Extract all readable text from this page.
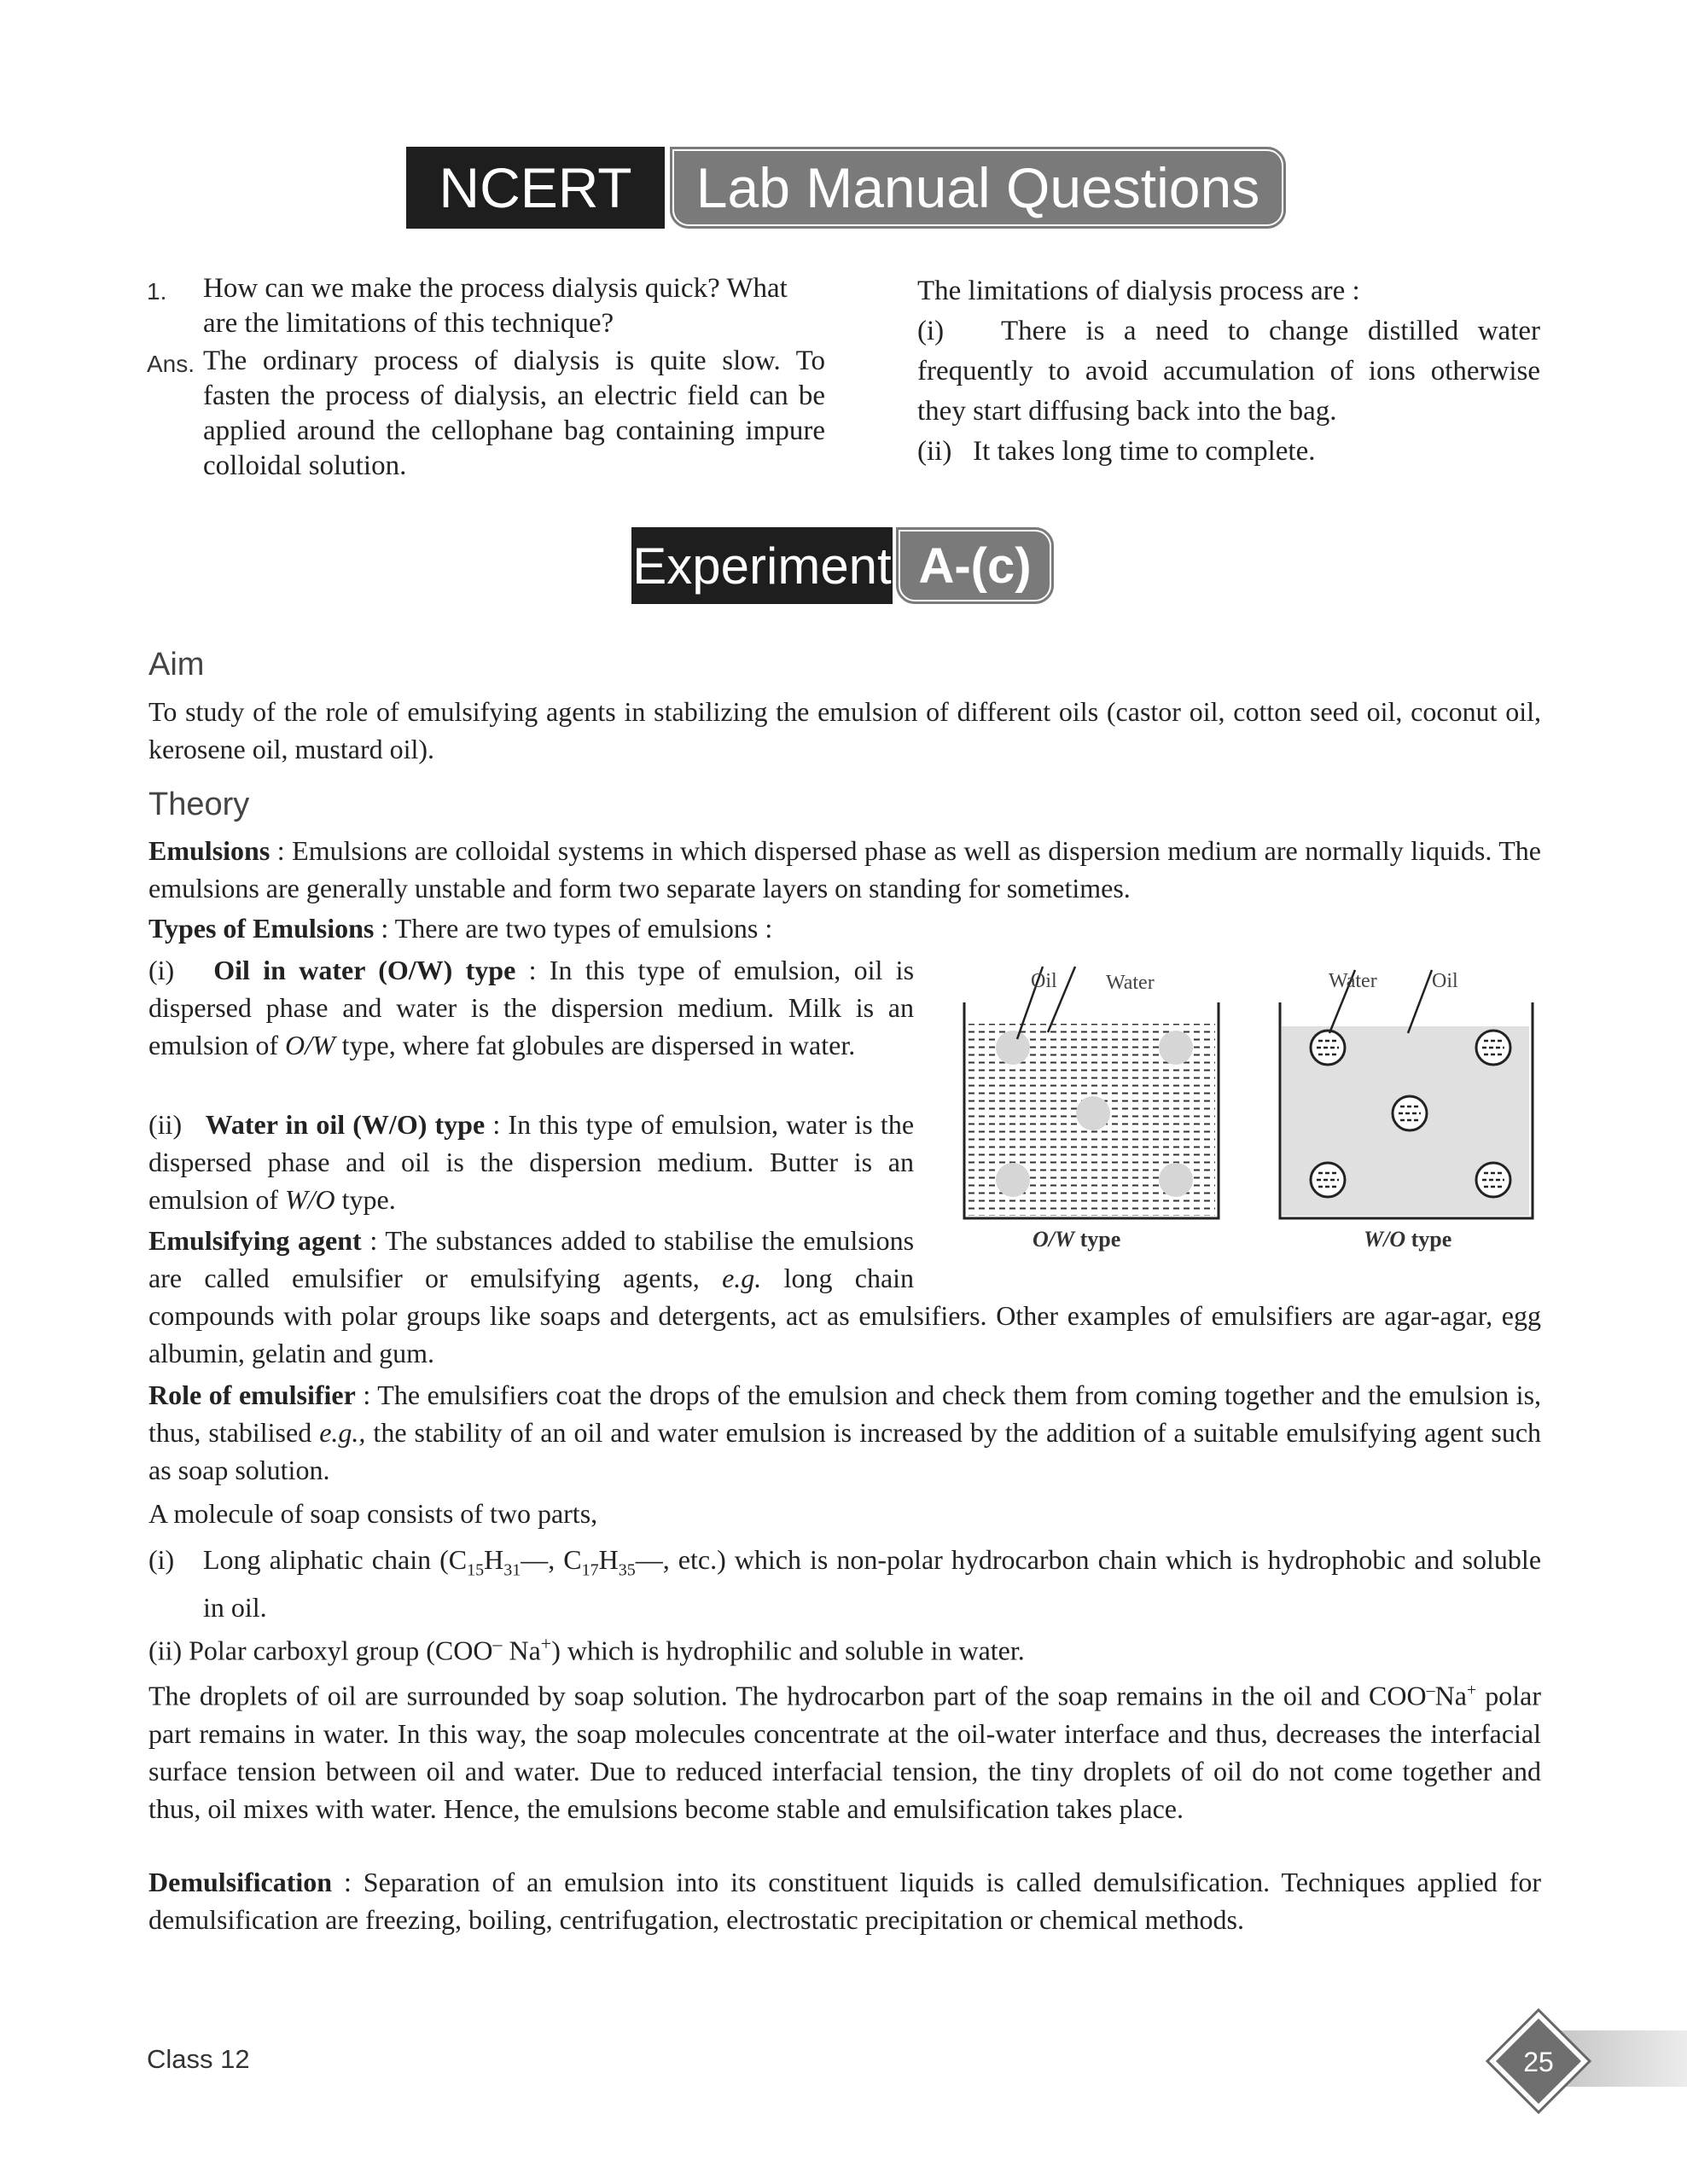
NCERT	Lab Manual Questions
1.	How can we make the process dialysis quick? What are the limitations of this technique?
Ans. The ordinary process of dialysis is quite slow. To fasten the process of dialysis, an electric field can be applied around the cellophane bag containing impure colloidal solution.
The limitations of dialysis process are :
(i) There is a need to change distilled water frequently to avoid accumulation of ions otherwise they start diffusing back into the bag.
(ii) It takes long time to complete.
Experiment A-(c)
Aim
To study of the role of emulsifying agents in stabilizing the emulsion of different oils (castor oil, cotton seed oil, coconut oil, kerosene oil, mustard oil).
Theory
Emulsions : Emulsions are colloidal systems in which dispersed phase as well as dispersion medium are normally liquids. The emulsions are generally unstable and form two separate layers on standing for sometimes.
Types of Emulsions : There are two types of emulsions :
(i) Oil in water (O/W) type : In this type of emulsion, oil is dispersed phase and water is the dispersion medium. Milk is an emulsion of O/W type, where fat globules are dispersed in water.
(ii) Water in oil (W/O) type : In this type of emulsion, water is the dispersed phase and oil is the dispersion medium. Butter is an emulsion of W/O type.
Emulsifying agent : The substances added to stabilise the emulsions are called emulsifier or emulsifying agents, e.g. long chain compounds with polar groups like soaps and detergents, act as emulsifiers. Other examples of emulsifiers are agar-agar, egg albumin, gelatin and gum.
Role of emulsifier : The emulsifiers coat the drops of the emulsion and check them from coming together and the emulsion is, thus, stabilised e.g., the stability of an oil and water emulsion is increased by the addition of a suitable emulsifying agent such as soap solution.
A molecule of soap consists of two parts,
(i)	Long aliphatic chain ($C_{15}H_{31}—$, $C_{17}H_{35}—$, etc.) which is non-polar hydrocarbon chain which is hydrophobic and soluble in oil.
(ii) Polar carboxyl group (COO– Na+) which is hydrophilic and soluble in water.
The droplets of oil are surrounded by soap solution. The hydrocarbon part of the soap remains in the oil and COO–Na+ polar part remains in water. In this way, the soap molecules concentrate at the oil-water interface and thus, decreases the interfacial surface tension between oil and water. Due to reduced interfacial tension, the tiny droplets of oil do not come together and thus, oil mixes with water. Hence, the emulsions become stable and emulsification takes place.
Demulsification : Separation of an emulsion into its constituent liquids is called demulsification. Techniques applied for demulsification are freezing, boiling, centrifugation, electrostatic precipitation or chemical methods.
Oil Water
O/W type
Water	Oil
W/O type
Class 12	25
